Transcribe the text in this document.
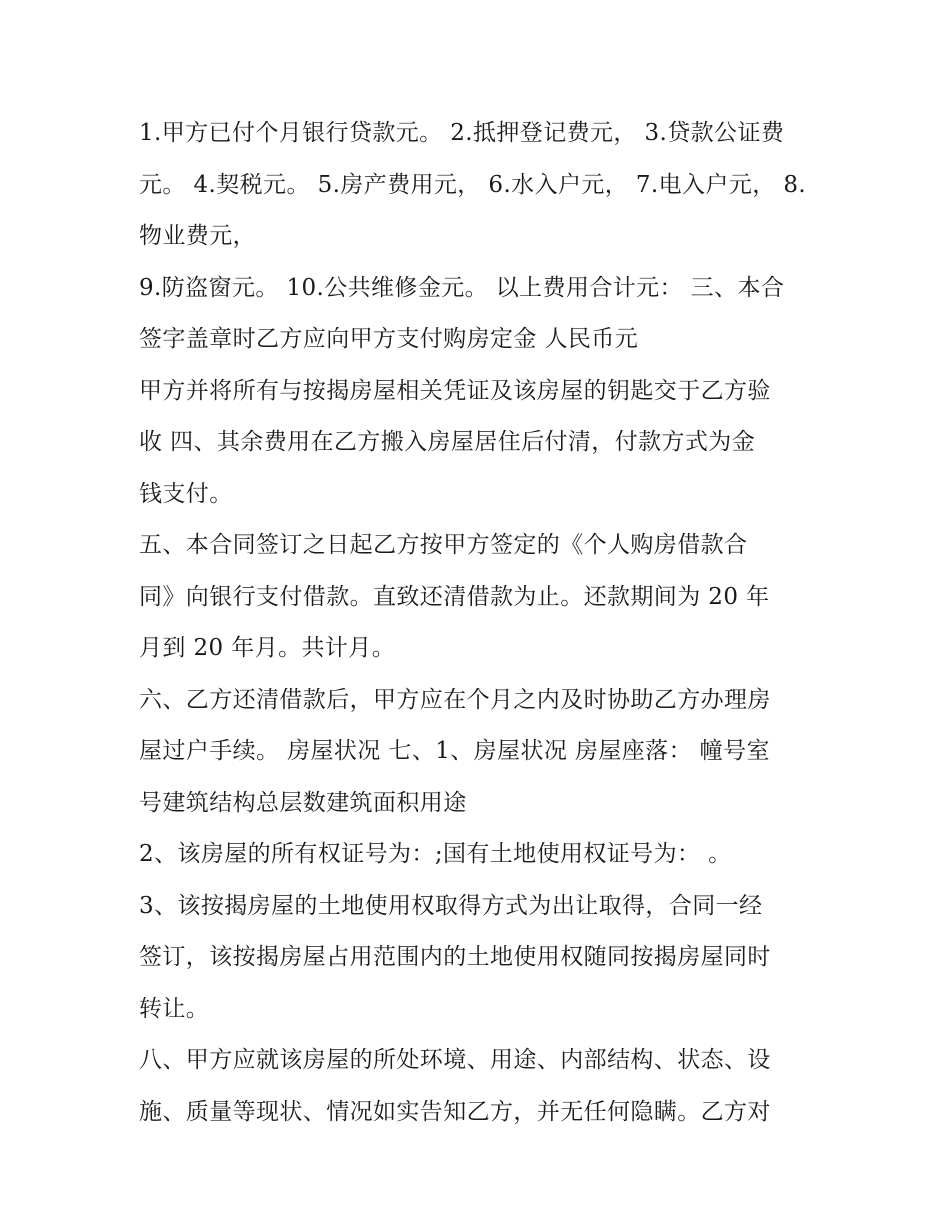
1.甲方已付个月银行贷款元。 2.抵押登记费元， 3.贷款公证费
元。 4.契税元。 5.房产费用元， 6.水入户元， 7.电入户元， 8.
物业费元，
9.防盗窗元。 10.公共维修金元。 以上费用合计元： 三、本合
签字盖章时乙方应向甲方支付购房定金 人民币元
甲方并将所有与按揭房屋相关凭证及该房屋的钥匙交于乙方验
收 四、其余费用在乙方搬入房屋居住后付清，付款方式为金
钱支付。
五、本合同签订之日起乙方按甲方签定的《个人购房借款合
同》向银行支付借款。直致还清借款为止。还款期间为 20 年
月到 20 年月。共计月。
六、乙方还清借款后，甲方应在个月之内及时协助乙方办理房
屋过户手续。 房屋状况 七、1、房屋状况 房屋座落： 幢号室
号建筑结构总层数建筑面积用途
2、该房屋的所有权证号为：;国有土地使用权证号为： 。
3、该按揭房屋的土地使用权取得方式为出让取得，合同一经
签订，该按揭房屋占用范围内的土地使用权随同按揭房屋同时
转让。
八、甲方应就该房屋的所处环境、用途、内部结构、状态、设
施、质量等现状、情况如实告知乙方，并无任何隐瞒。乙方对
